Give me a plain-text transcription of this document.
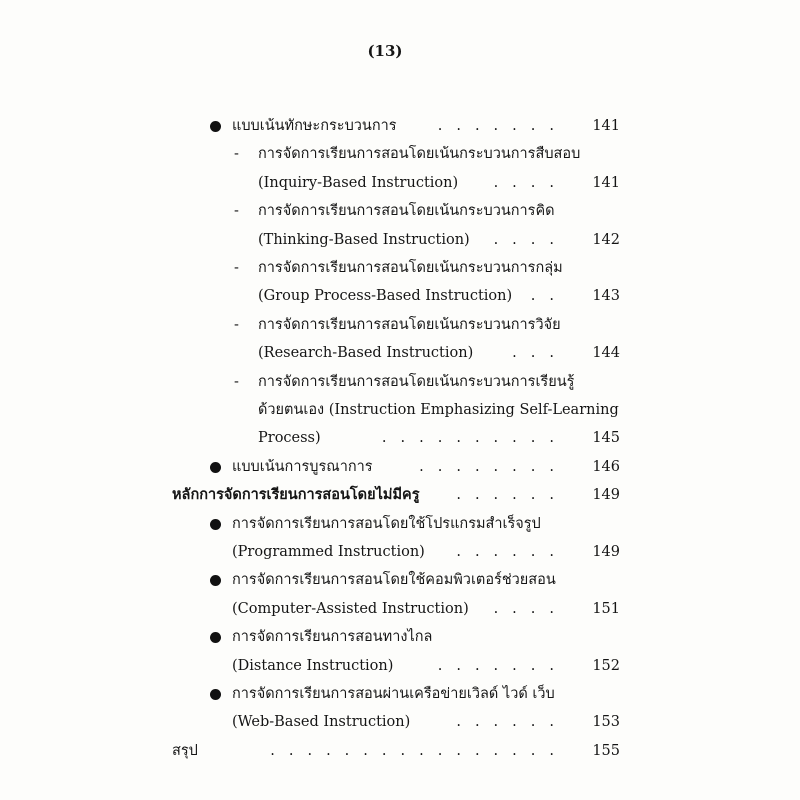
(13)
แบบเน้นทักษะกระบวนการ	.......	141
- การจัดการเรียนการสอนโดยเน้นกระบวนการสืบสอบ
(Inquiry-Based Instruction)	....	141
- การจัดการเรียนการสอนโดยเน้นกระบวนการคิด
(Thinking-Based Instruction)	....	142
- การจัดการเรียนการสอนโดยเน้นกระบวนการกลุ่ม
(Group Process-Based Instruction)	..	143
- การจัดการเรียนการสอนโดยเน้นกระบวนการวิจัย
(Research-Based Instruction)	...	144
- การจัดการเรียนการสอนโดยเน้นกระบวนการเรียนรู้
ด้วยตนเอง (Instruction Emphasizing Self-Learning
Process)	..........	145
แบบเน้นการบูรณาการ	........	146
หลักการจัดการเรียนการสอนโดยไม่มีครู	......	149
การจัดการเรียนการสอนโดยใช้โปรแกรมสำเร็จรูป
(Programmed Instruction)	......	149
การจัดการเรียนการสอนโดยใช้คอมพิวเตอร์ช่วยสอน
(Computer-Assisted Instruction)	....	151
การจัดการเรียนการสอนทางไกล
(Distance Instruction)	.......	152
การจัดการเรียนการสอนผ่านเครือข่ายเวิลด์ ไวด์ เว็บ
(Web-Based Instruction)	......	153
สรุป	................	155
